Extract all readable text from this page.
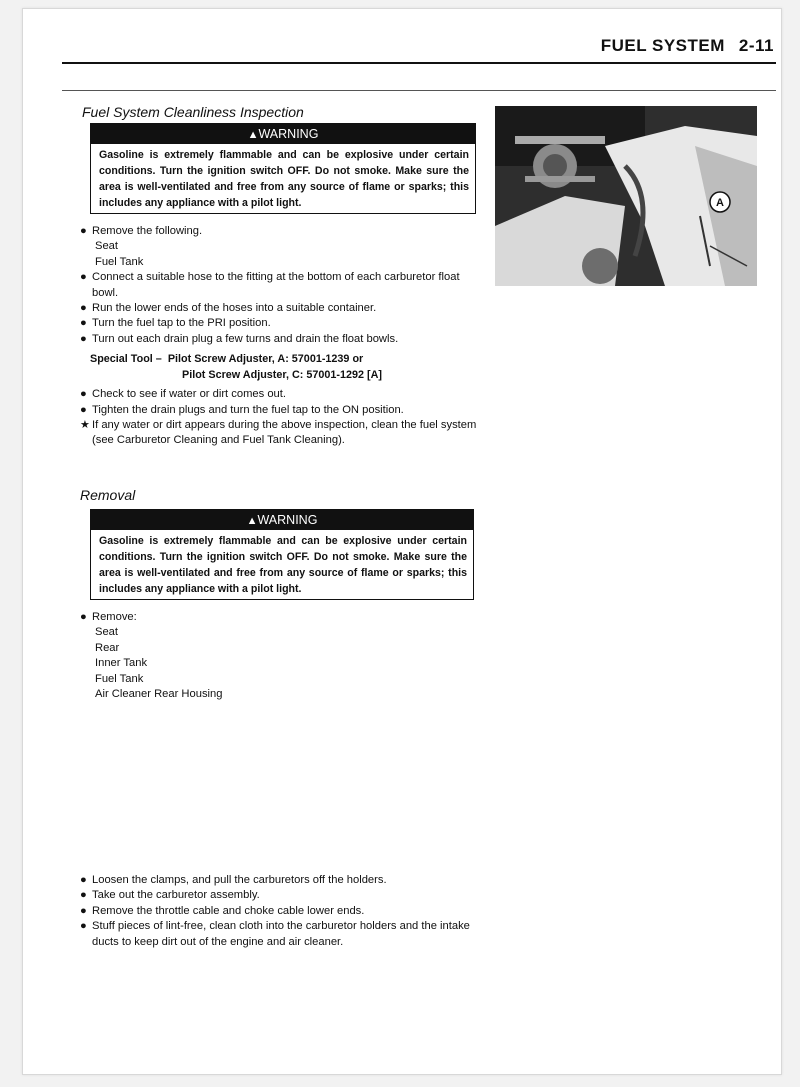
FUEL SYSTEM 2-11
Fuel System Cleanliness Inspection
▲WARNING
Gasoline is extremely flammable and can be explosive under certain conditions. Turn the ignition switch OFF. Do not smoke. Make sure the area is well-ventilated and free from any source of flame or sparks; this includes any appliance with a pilot light.
● Remove the following.
Seat
Fuel Tank
● Connect a suitable hose to the fitting at the bottom of each carburetor float bowl.
● Run the lower ends of the hoses into a suitable container.
● Turn the fuel tap to the PRI position.
● Turn out each drain plug a few turns and drain the float bowls.
Special Tool – Pilot Screw Adjuster, A: 57001-1239 or
Pilot Screw Adjuster, C: 57001-1292 [A]
● Check to see if water or dirt comes out.
● Tighten the drain plugs and turn the fuel tap to the ON position.
★ If any water or dirt appears during the above inspection, clean the fuel system (see Carburetor Cleaning and Fuel Tank Cleaning).
A
Removal
▲WARNING
Gasoline is extremely flammable and can be explosive under certain conditions. Turn the ignition switch OFF. Do not smoke. Make sure the area is well-ventilated and free from any source of flame or sparks; this includes any appliance with a pilot light.
● Remove:
Seat
Rear
Inner Tank
Fuel Tank
Air Cleaner Rear Housing
● Loosen the clamps, and pull the carburetors off the holders.
● Take out the carburetor assembly.
● Remove the throttle cable and choke cable lower ends.
● Stuff pieces of lint-free, clean cloth into the carburetor holders and the intake ducts to keep dirt out of the engine and air cleaner.
